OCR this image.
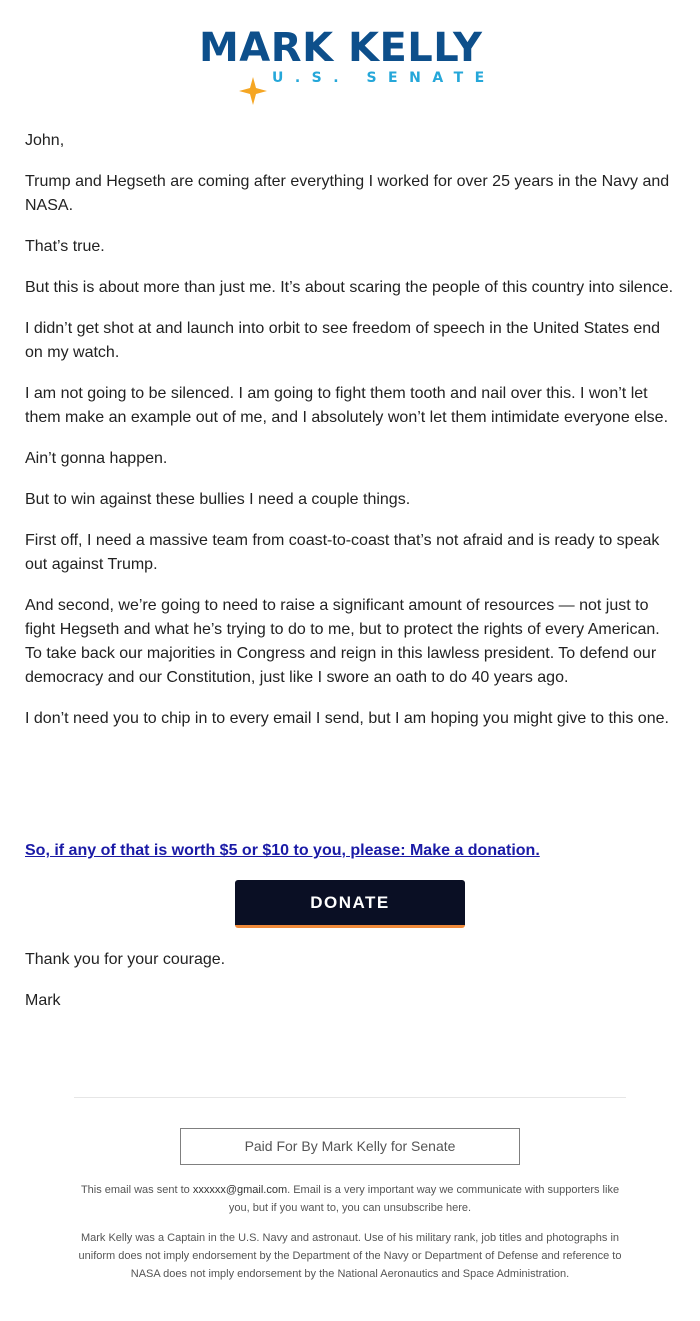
MARK KELLY
U.S. SENATE

John,

Trump and Hegseth are coming after everything I worked for over 25 years in the Navy and NASA.

That’s true.

But this is about more than just me. It’s about scaring the people of this country into silence.

I didn’t get shot at and launch into orbit to see freedom of speech in the United States end on my watch.

I am not going to be silenced. I am going to fight them tooth and nail over this. I won’t let them make an example out of me, and I absolutely won’t let them intimidate everyone else.

Ain’t gonna happen.

But to win against these bullies I need a couple things.

First off, I need a massive team from coast-to-coast that’s not afraid and is ready to speak out against Trump.

And second, we’re going to need to raise a significant amount of resources — not just to fight Hegseth and what he’s trying to do to me, but to protect the rights of every American. To take back our majorities in Congress and reign in this lawless president. To defend our democracy and our Constitution, just like I swore an oath to do 40 years ago.

I don’t need you to chip in to every email I send, but I am hoping you might give to this one.

So, if any of that is worth $5 or $10 to you, please: Make a donation.
DONATE

Thank you for your courage.

Mark

Paid For By Mark Kelly for Senate
This email was sent to xxxxxx@gmail.com. Email is a very important way we communicate with supporters like you, but if you want to, you can unsubscribe here.
Mark Kelly was a Captain in the U.S. Navy and astronaut. Use of his military rank, job titles and photographs in uniform does not imply endorsement by the Department of the Navy or Department of Defense and reference to NASA does not imply endorsement by the National Aeronautics and Space Administration.
